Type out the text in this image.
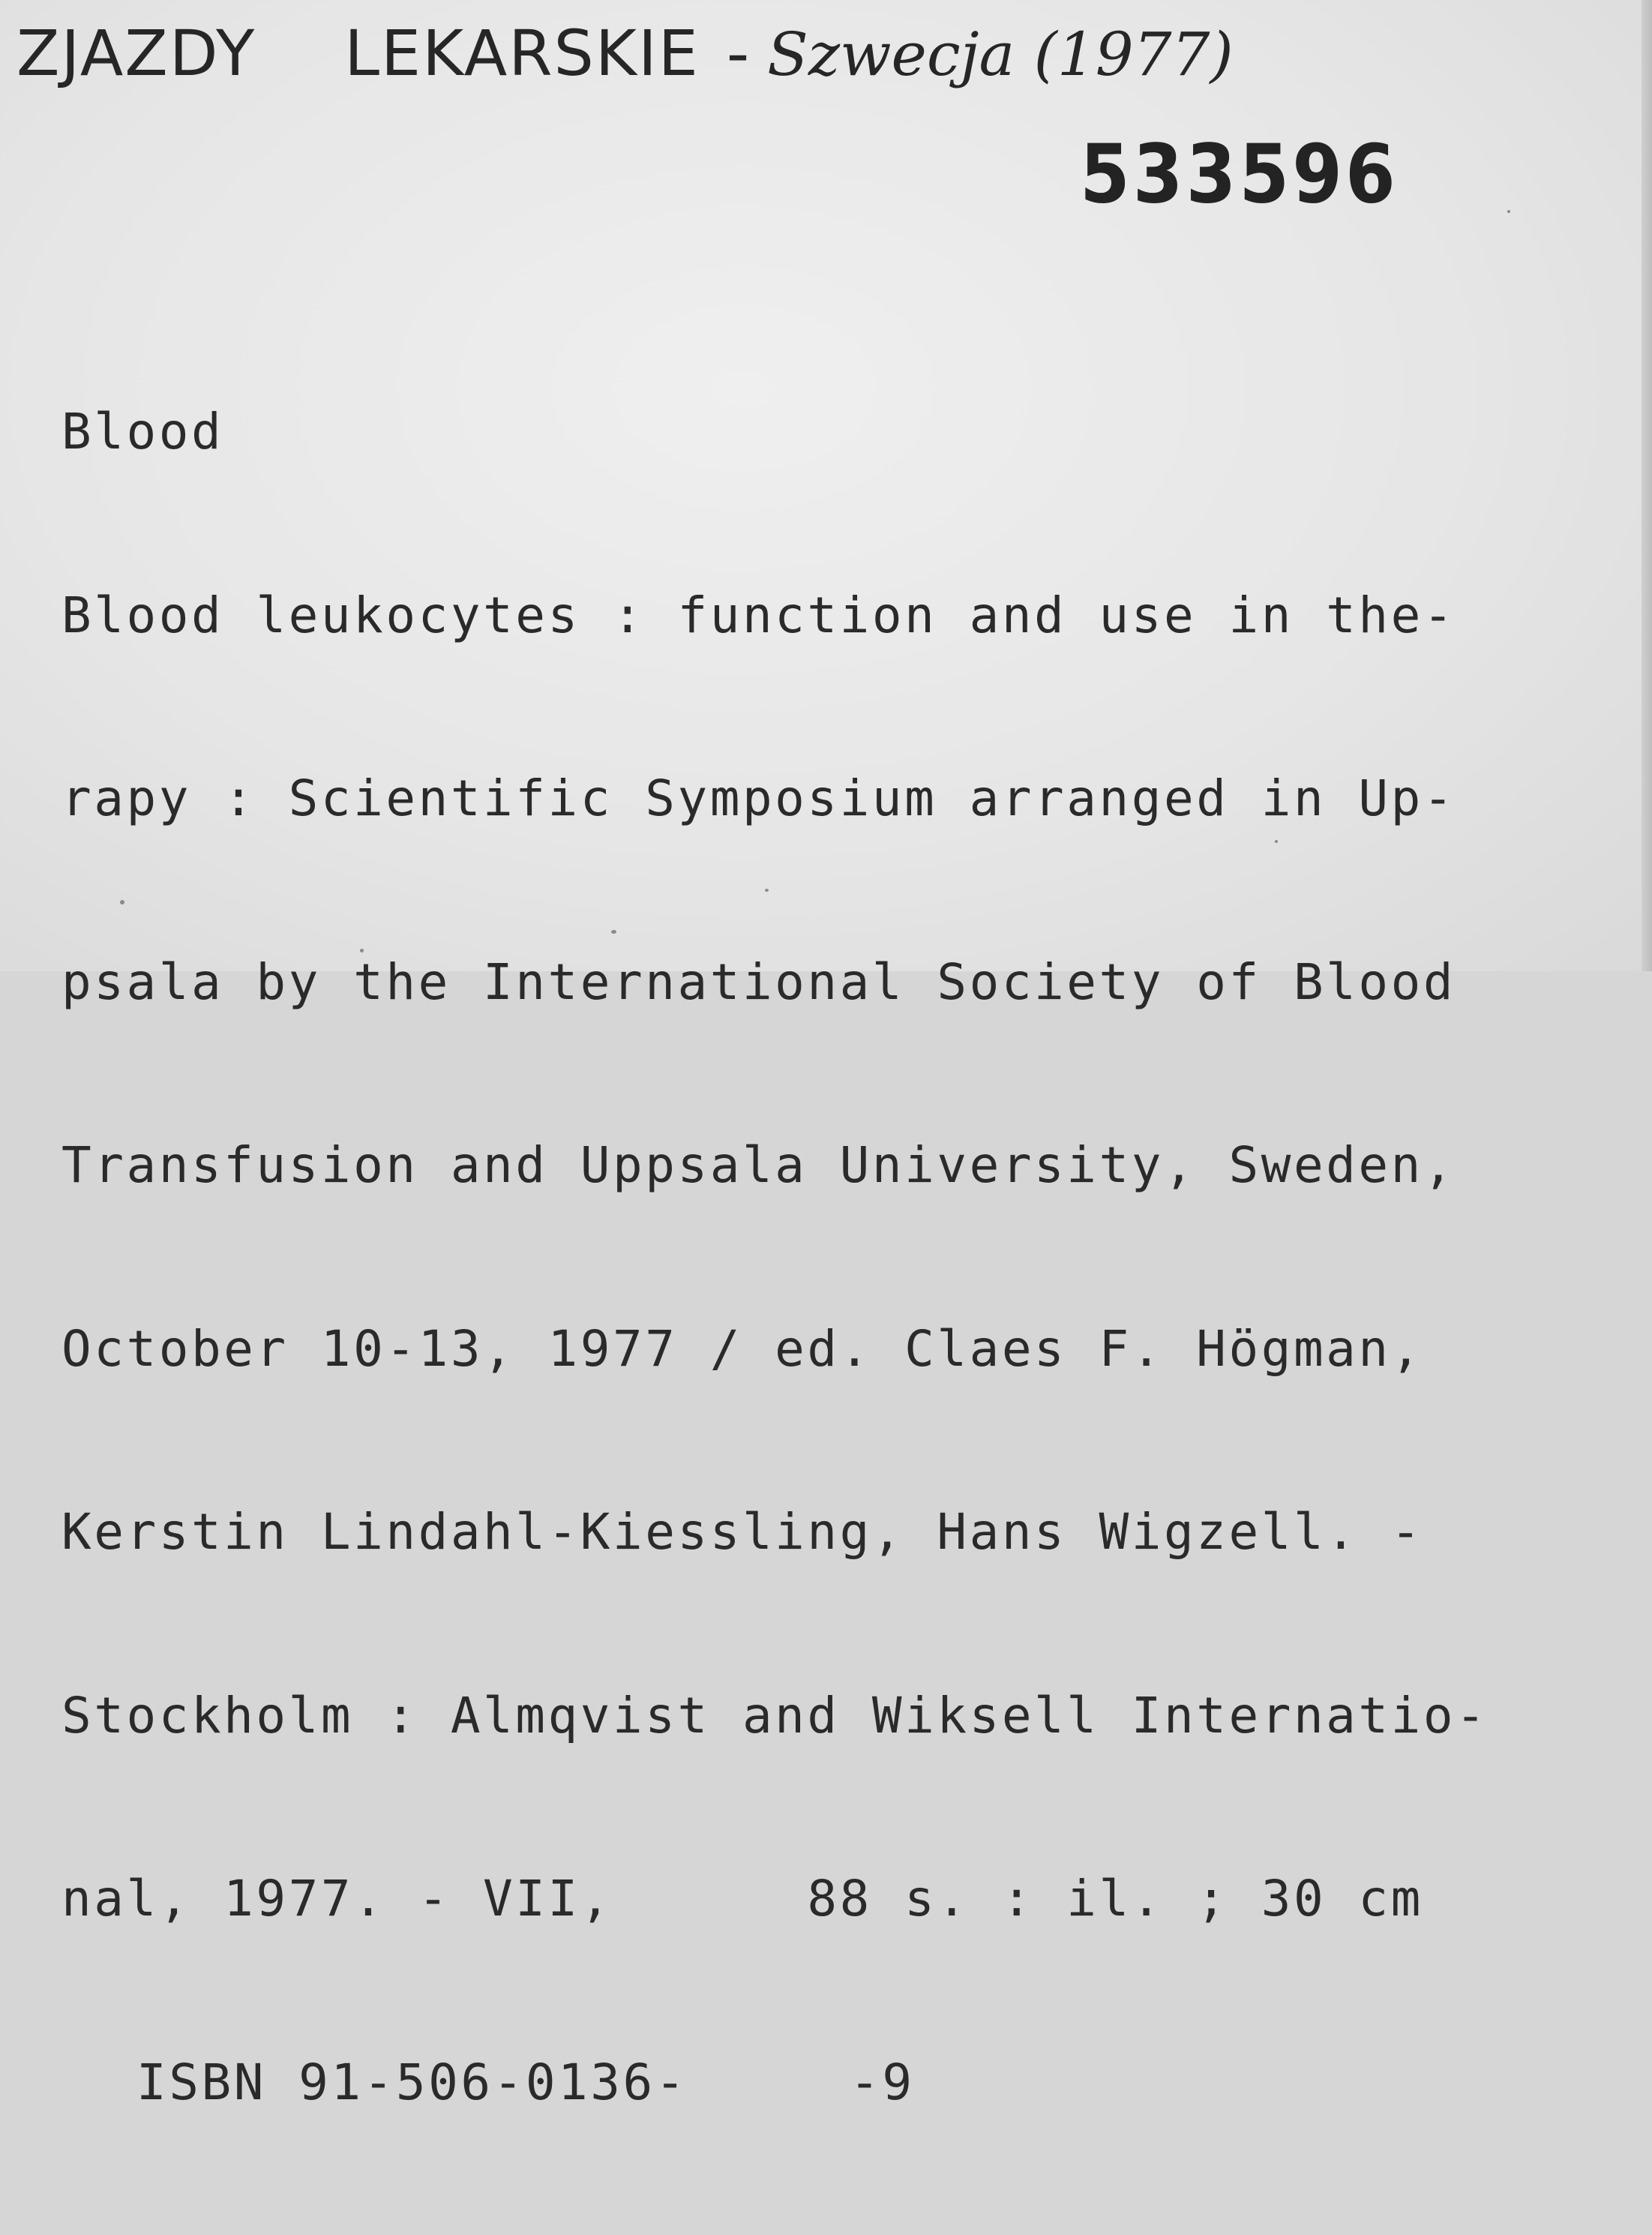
ZJAZDY LEKARSKIE - Szwecja (1977)
533596

Blood

Blood leukocytes : function and use in the-

rapy : Scientific Symposium arranged in Up-

psala by the International Society of Blood

Transfusion and Uppsala University, Sweden,

October 10-13, 1977 / ed. Claes F. Högman,

Kerstin Lindahl-Kiessling, Hans Wigzell. -

Stockholm : Almqvist and Wiksell Internatio-

nal, 1977. - VII,      88 s. : il. ; 30 cm

ISBN 91-506-0136-     -9
